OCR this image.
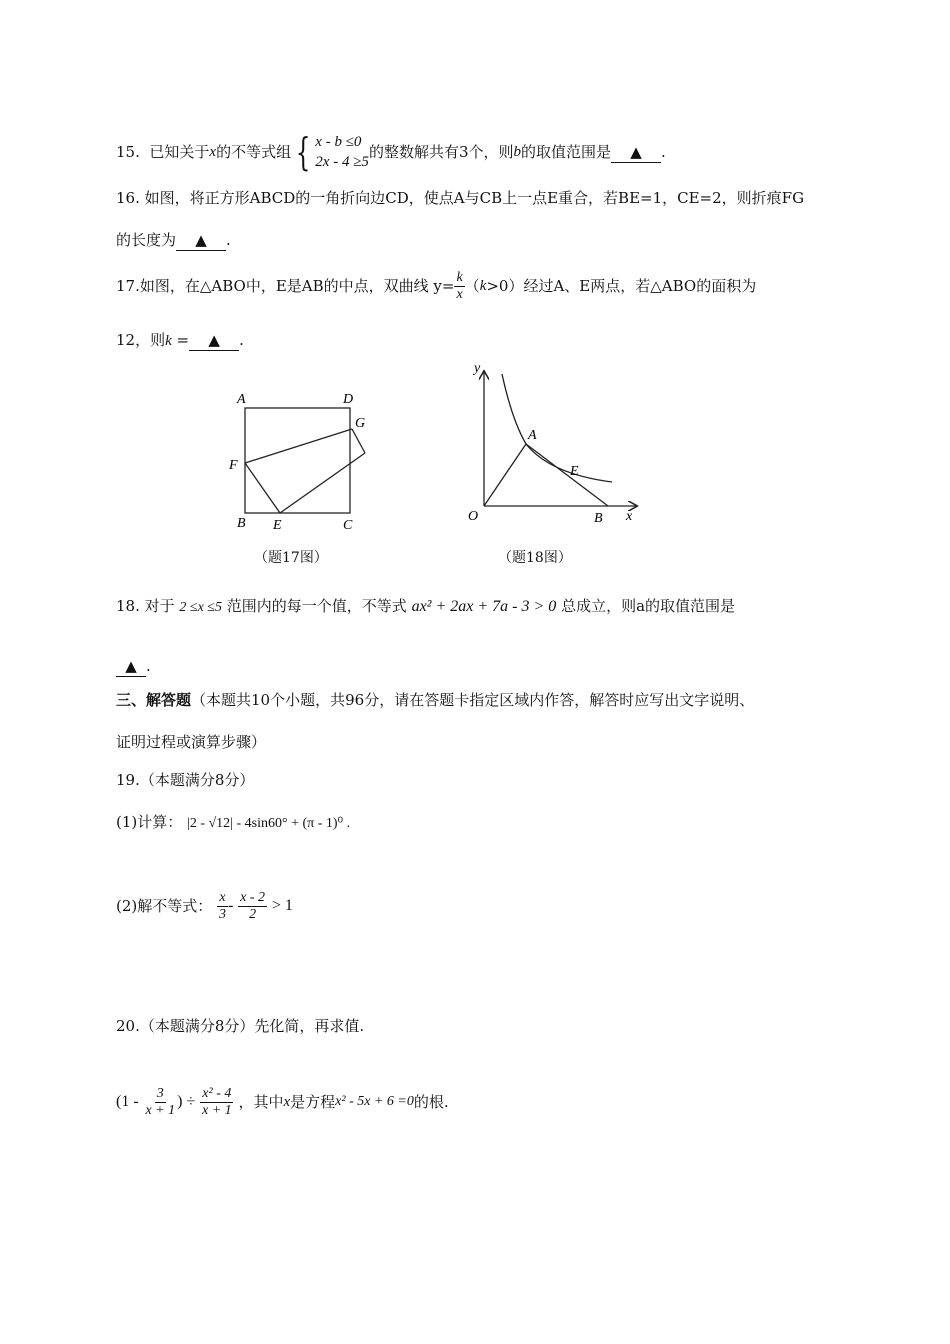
15.
已知关于 x 的不等式组 { x - b ≤0
2x - 4 ≥5
的整数解共有3个，则 b 的取值范围是	▲	.
16. 如图，将正方形ABCD的一角折向边CD，使点A与CB上一点E重合，若BE=1，CE=2，则折痕FG
的长度为 ▲ .
17.如图，在△ABO中，E是AB的中点，双曲线 $y= \frac{k}{x}$ （ k >0）经过A、E两点，若△ABO的面积为
12，则k = ▲ .
A	D
G
F
B E	C
（题17图）
y
A
E
O	B x
（题18图）
18. 对于 2 ≤x ≤5 范围内的每一个值，不等式 ax² + 2ax + 7a - 3 > 0 总成立，则a的取值范围是
▲ .
三、解答题（本题共10个小题，共96分，请在答题卡指定区域内作答，解答时应写出文字说明、
证明过程或演算步骤）
19.（本题满分8分）
(1)计算： |2 - √12| - 4sin60° + (π - 1)⁰ .
(2)解不等式：
$\frac{x}{3}$ -
$\frac{x - 2}{2}$
> 1
20.（本题满分8分）先化简，再求值.
(1 -
$\frac{3}{x + 1}$ ) ÷
$\frac{\text{x² - 4}}{x + 1}$
，其中 x 是方程 x² - 5x + 6 =0 的根.
